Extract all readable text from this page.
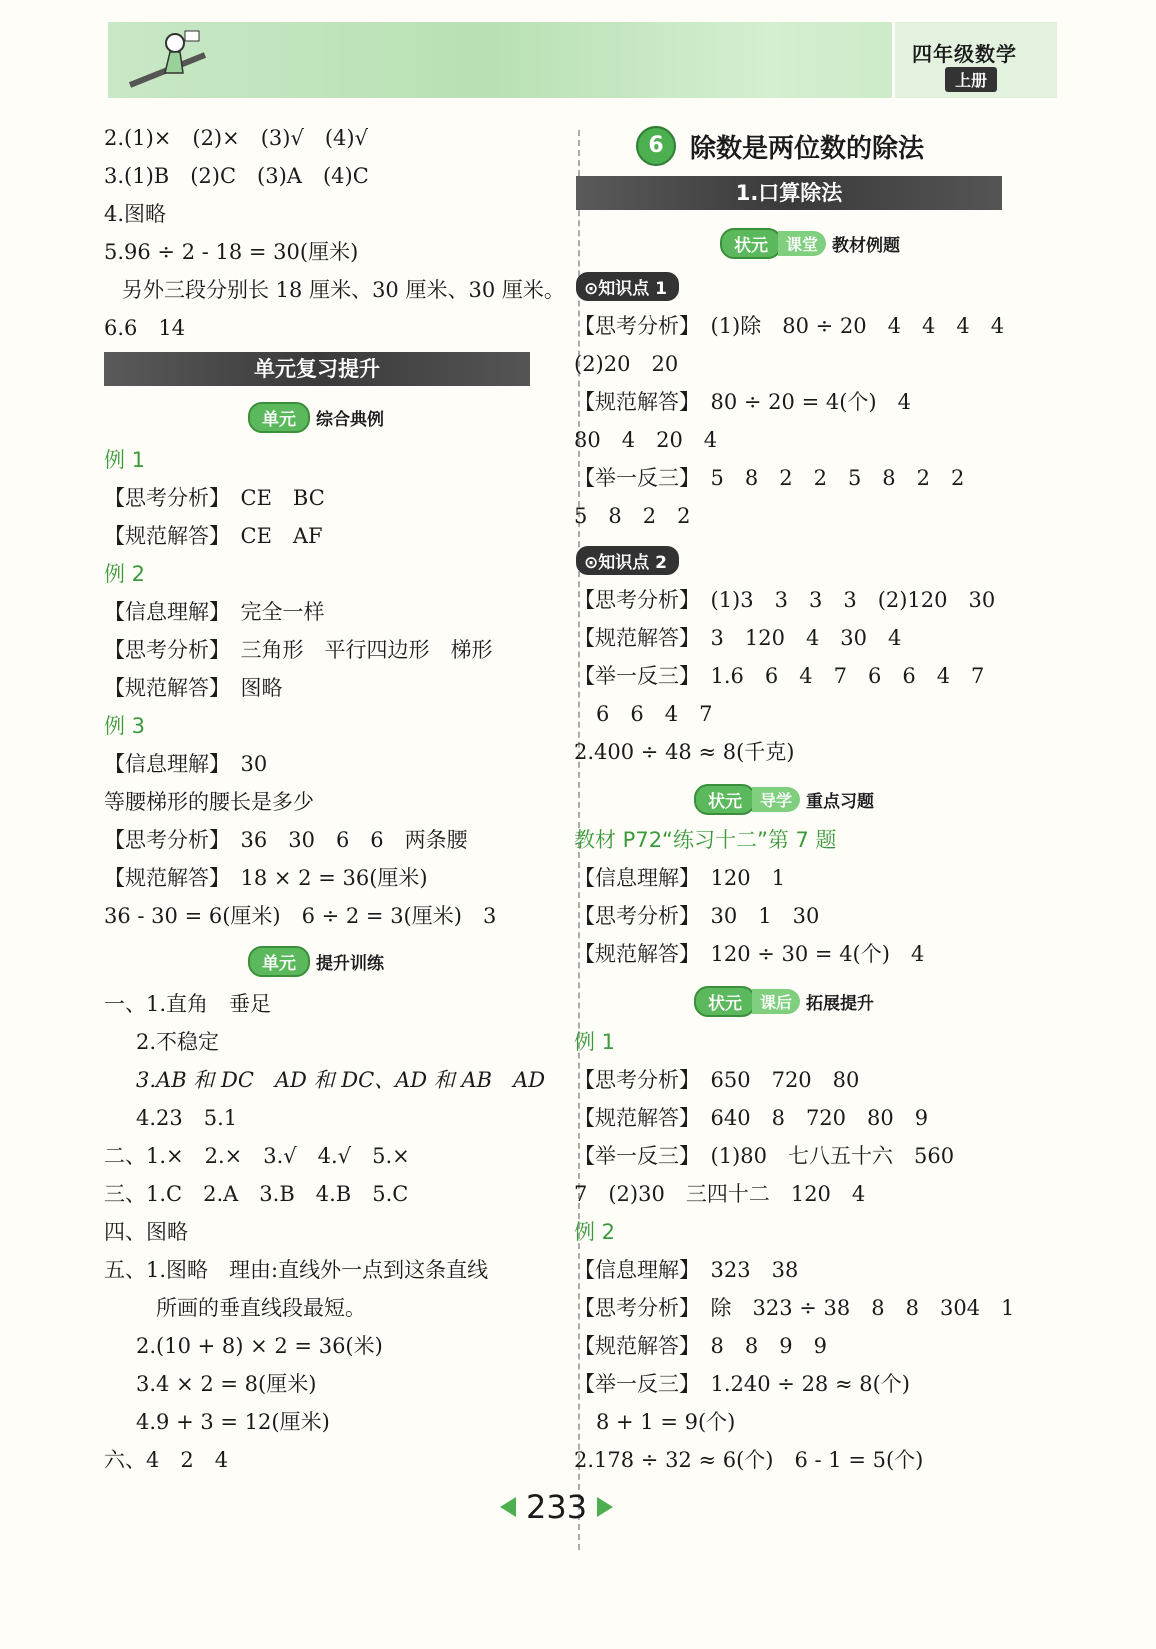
四年级数学
上册
2.(1)×　(2)×　(3)√　(4)√
3.(1)B　(2)C　(3)A　(4)C
4.图略
5.96 ÷ 2 - 18 = 30(厘米)
另外三段分别长 18 厘米、30 厘米、30 厘米。
6.6　14
单元复习提升
单元	综合典例
例 1
【思考分析】　CE　BC
【规范解答】　CE　AF
例 2
【信息理解】　完全一样
【思考分析】　三角形　平行四边形　梯形
【规范解答】　图略
例 3
【信息理解】　30
等腰梯形的腰长是多少
【思考分析】　36　30　6　6　两条腰
【规范解答】　18 × 2 = 36(厘米)
36 - 30 = 6(厘米)　6 ÷ 2 = 3(厘米)　3
单元	提升训练
一、1.直角　垂足
2.不稳定
3.AB 和 DC　AD 和 DC、AD 和 AB　AD
4.23　5.1
二、1.×　2.×　3.√　4.√　5.×
三、1.C　2.A　3.B　4.B　5.C
四、图略
五、1.图略　理由:直线外一点到这条直线
所画的垂直线段最短。
2.(10 + 8) × 2 = 36(米)
3.4 × 2 = 8(厘米)
4.9 + 3 = 12(厘米)
六、4　2　4
6	除数是两位数的除法
1.口算除法
状元	课堂 教材例题
⊙知识点 1
【思考分析】　(1)除　80 ÷ 20　4　4　4　4
(2)20　20
【规范解答】　80 ÷ 20 = 4(个)　4
80　4　20　4
【举一反三】　5　8　2　2　5　8　2　2
5　8　2　2
⊙知识点 2
【思考分析】　(1)3　3　3　3　(2)120　30
【规范解答】　3　120　4　30　4
【举一反三】　1.6　6　4　7　6　6　4　7
6　6　4　7
2.400 ÷ 48 ≈ 8(千克)
状元	导学 重点习题
教材 P72“练习十二”第 7 题
【信息理解】　120　1
【思考分析】　30　1　30
【规范解答】　120 ÷ 30 = 4(个)　4
状元	课后 拓展提升
例 1
【思考分析】　650　720　80
【规范解答】　640　8　720　80　9
【举一反三】　(1)80　七八五十六　560
7　(2)30　三四十二　120　4
例 2
【信息理解】　323　38
【思考分析】　除　323 ÷ 38　8　8　304　1
【规范解答】　8　8　9　9
【举一反三】　1.240 ÷ 28 ≈ 8(个)
8 + 1 = 9(个)
2.178 ÷ 32 ≈ 6(个)　6 - 1 = 5(个)
233
